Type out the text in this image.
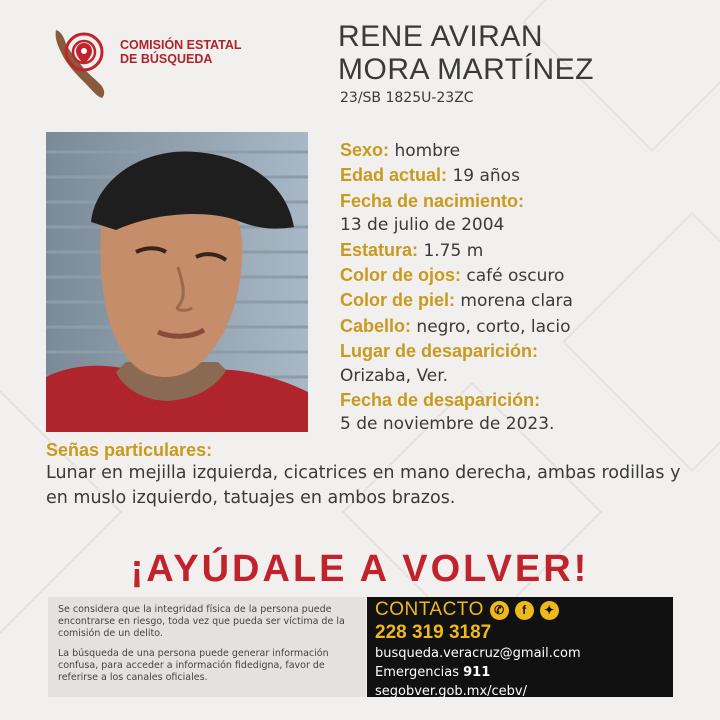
COMISIÓN ESTATAL
DE BÚSQUEDA
RENE AVIRAN
MORA MARTÍNEZ
23/SB 1825U-23ZC
Sexo: hombre
Edad actual: 19 años
Fecha de nacimiento:
13 de julio de 2004
Estatura: 1.75 m
Color de ojos: café oscuro
Color de piel: morena clara
Cabello: negro, corto, lacio
Lugar de desaparición:
Orizaba, Ver.
Fecha de desaparición:
5 de noviembre de 2023.
Señas particulares:
Lunar en mejilla izquierda, cicatrices en mano derecha, ambas rodillas y en muslo izquierdo, tatuajes en ambos brazos.
¡AYÚDALE A VOLVER!

Se considera que la integridad física de la persona puede encontrarse en riesgo, toda vez que pueda ser víctima de la comisión de un delito.

La búsqueda de una persona puede generar información confusa, para acceder a información fidedigna, favor de referirse a los canales oficiales.

CONTACTO ✆	f	✦
228 319 3187
busqueda.veracruz@gmail.com
Emergencias 911
segobver.gob.mx/cebv/
